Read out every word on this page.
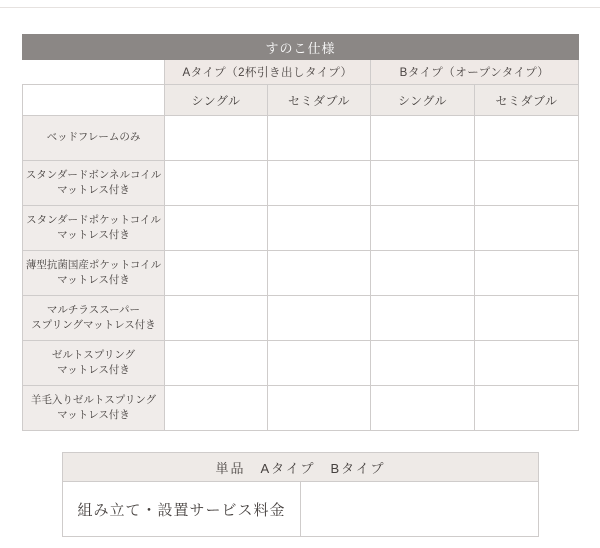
すのこ仕様				
	Aタイプ（2杯引き出しタイプ）		Bタイプ（オープンタイプ）	
	シングル	セミダブル	シングル	セミダブル
ベッドフレームのみ

スタンダードボンネルコイル
マットレス付き				

スタンダードポケットコイル
マットレス付き				

薄型抗菌国産ポケットコイル
マットレス付き				

マルチラススーパー
スプリングマットレス付き				

ゼルトスプリング
マットレス付き				

羊毛入りゼルトスプリング
マットレス付き				

単品　Aタイプ　Bタイプ
組み立て・設置サービス料金	
